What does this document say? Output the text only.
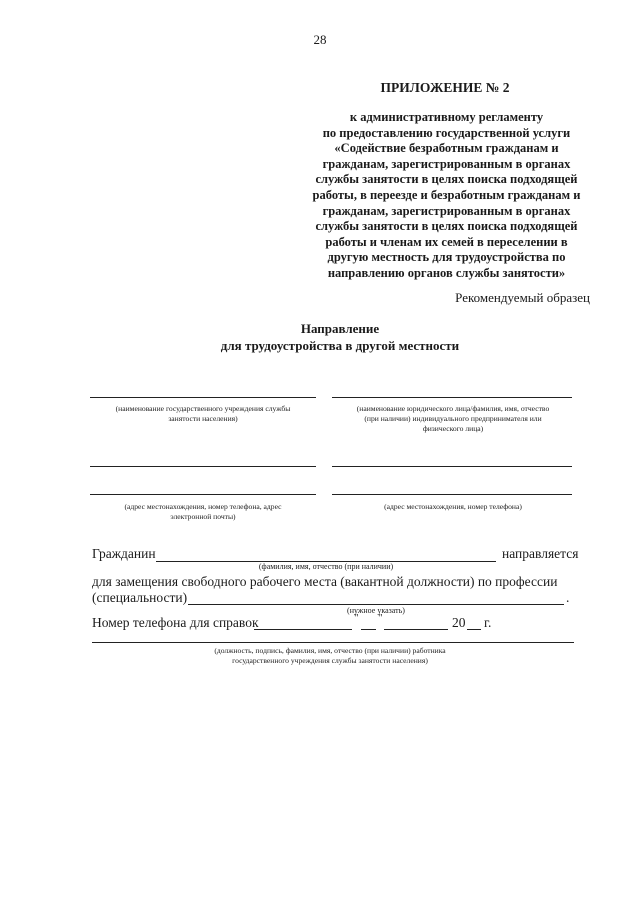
28
ПРИЛОЖЕНИЕ № 2
к административному регламенту
по предоставлению государственной услуги
«Содействие безработным гражданам и
гражданам, зарегистрированным в органах
службы занятости в целях поиска подходящей
работы, в переезде и безработным гражданам и
гражданам, зарегистрированным в органах
службы занятости в целях поиска подходящей
работы и членам их семей в переселении в
другую местность для трудоустройства по
направлению органов службы занятости»
Рекомендуемый образец
Направление
для трудоустройства в другой местности
(наименование государственного учреждения службы
занятости населения)
(наименование юридического лица/фамилия, имя, отчество
(при наличии) индивидуального предпринимателя или
физического лица)
(адрес местонахождения, номер телефона, адрес
электронной почты)
(адрес местонахождения, номер телефона)
Гражданин	направляется
(фамилия, имя, отчество (при наличии)
для замещения свободного рабочего места (вакантной должности) по профессии
(специальности)	.
(нужное указать)
Номер телефона для справок	" "	20 г.
(должность, подпись, фамилия, имя, отчество (при наличии) работника
государственного учреждения службы занятости населения)
